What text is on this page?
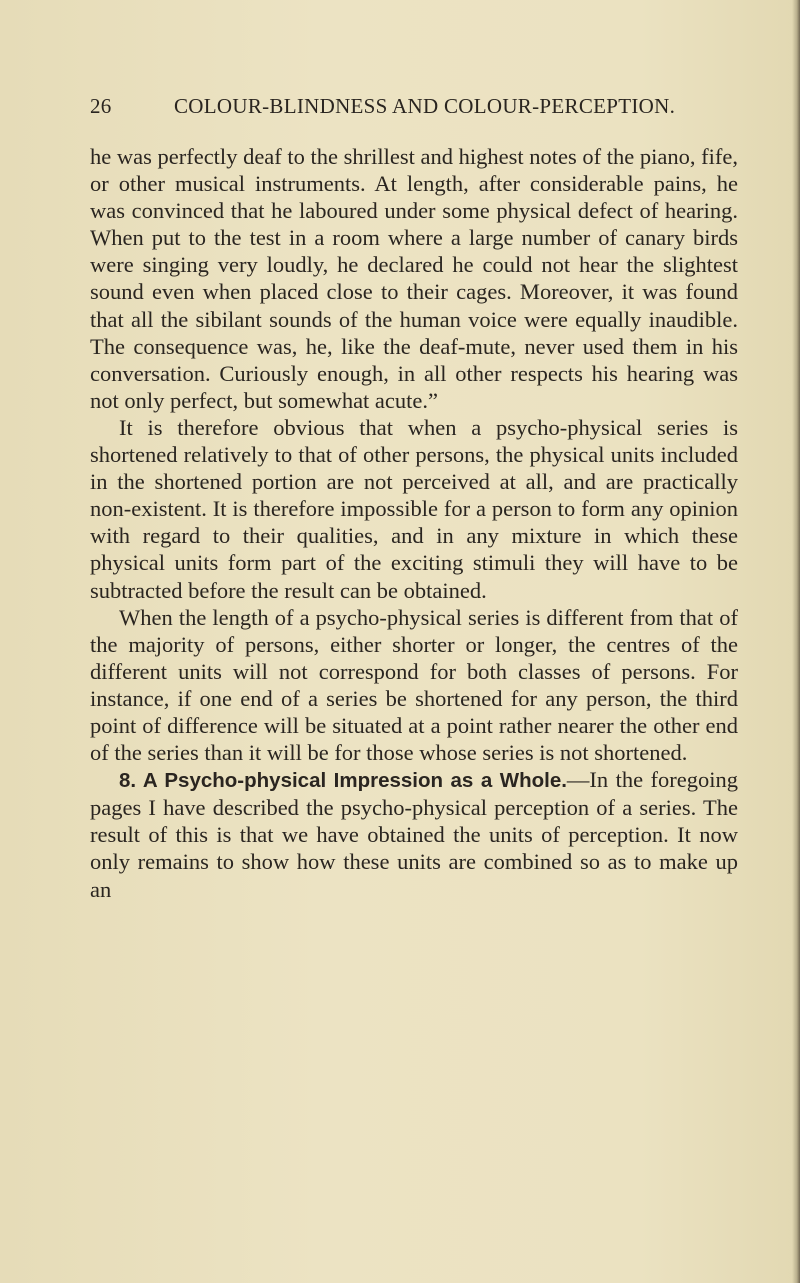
26	COLOUR-BLINDNESS AND COLOUR-PERCEPTION.

he was perfectly deaf to the shrillest and highest notes of the piano, fife, or other musical instruments. At length, after considerable pains, he was convinced that he laboured under some physical defect of hearing. When put to the test in a room where a large number of canary birds were singing very loudly, he declared he could not hear the slightest sound even when placed close to their cages. Moreover, it was found that all the sibilant sounds of the human voice were equally inaudible. The consequence was, he, like the deaf-mute, never used them in his conversation. Curiously enough, in all other respects his hearing was not only perfect, but somewhat acute.”

It is therefore obvious that when a psycho-physical series is shortened relatively to that of other persons, the physical units included in the shortened portion are not perceived at all, and are practically non-existent. It is therefore impossible for a person to form any opinion with regard to their qualities, and in any mixture in which these physical units form part of the exciting stimuli they will have to be subtracted before the result can be obtained.

When the length of a psycho-physical series is different from that of the majority of persons, either shorter or longer, the centres of the different units will not correspond for both classes of persons. For instance, if one end of a series be shortened for any person, the third point of difference will be situated at a point rather nearer the other end of the series than it will be for those whose series is not shortened.

8. A Psycho-physical Impression as a Whole.—In the foregoing pages I have described the psycho-physical perception of a series. The result of this is that we have obtained the units of perception. It now only remains to show how these units are combined so as to make up an
